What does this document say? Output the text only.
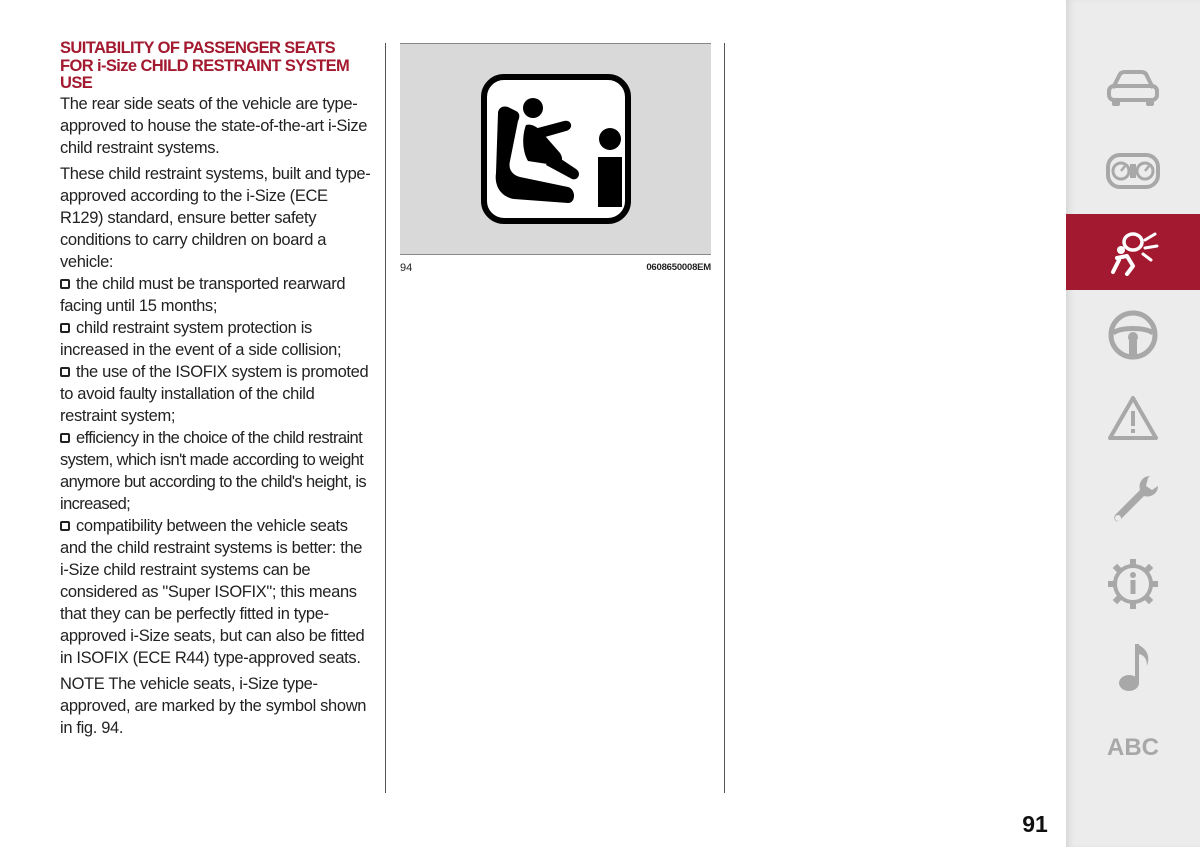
SUITABILITY OF PASSENGER SEATS FOR i-Size CHILD RESTRAINT SYSTEM USE

The rear side seats of the vehicle are type-approved to house the state-of-the-art i-Size child restraint systems.

These child restraint systems, built and type-approved according to the i-Size (ECE R129) standard, ensure better safety conditions to carry children on board a vehicle:

the child must be transported rearward facing until 15 months;

child restraint system protection is increased in the event of a side collision;

the use of the ISOFIX system is promoted to avoid faulty installation of the child restraint system;

efficiency in the choice of the child restraint system, which isn't made according to weight anymore but according to the child's height, is increased;

compatibility between the vehicle seats and the child restraint systems is better: the i-Size child restraint systems can be considered as "Super ISOFIX"; this means that they can be perfectly fitted in type-approved i-Size seats, but can also be fitted in ISOFIX (ECE R44) type-approved seats.

NOTE The vehicle seats, i-Size type-approved, are marked by the symbol shown in fig. 94.

94	0608650008EM
ABC
91
